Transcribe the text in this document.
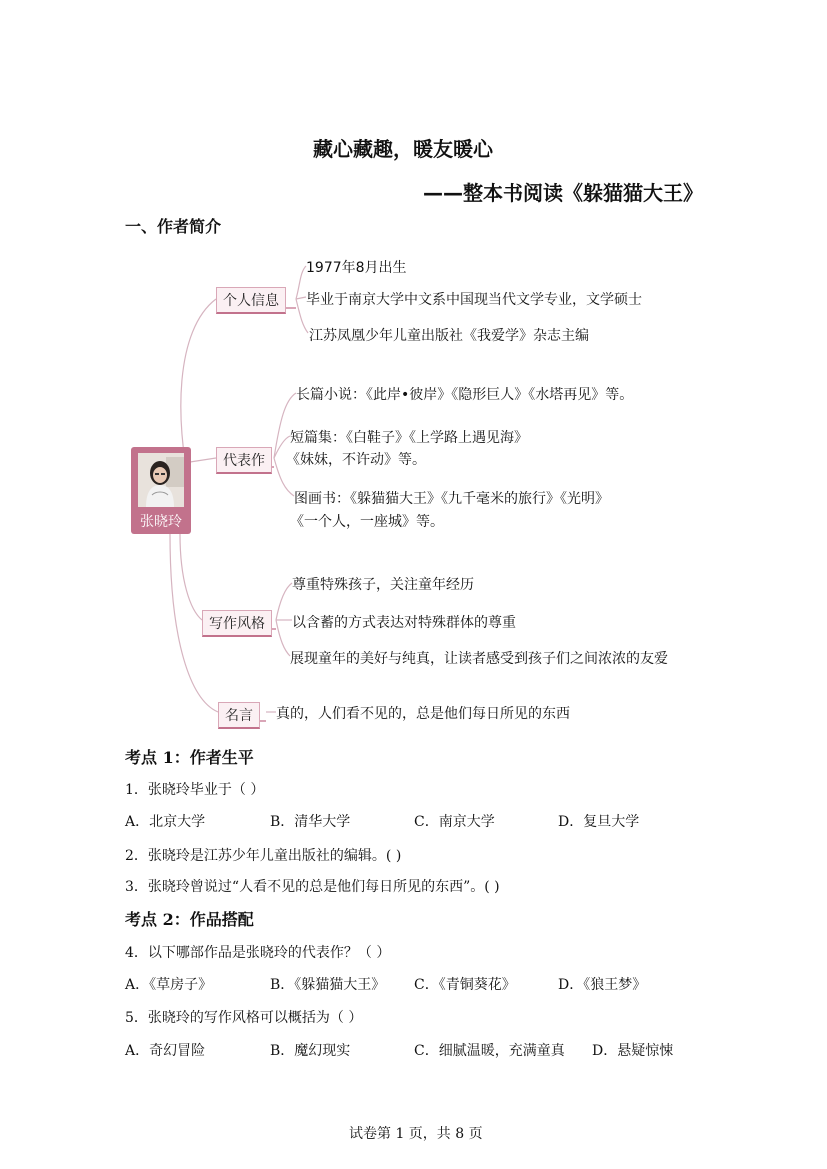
藏心藏趣，暖友暖心
——整本书阅读《躲猫猫大王》
一、作者简介
个人信息
代表作
写作风格
名言
张晓玲
1977年8月出生
毕业于南京大学中文系中国现当代文学专业，文学硕士
江苏凤凰少年儿童出版社《我爱学》杂志主编
长篇小说：《此岸•彼岸》《隐形巨人》《水塔再见》等。
短篇集：《白鞋子》《上学路上遇见海》
《妹妹，不许动》等。
图画书：《躲猫猫大王》《九千毫米的旅行》《光明》
《一个人，一座城》等。
尊重特殊孩子，关注童年经历
以含蓄的方式表达对特殊群体的尊重
展现童年的美好与纯真，让读者感受到孩子们之间浓浓的友爱
真的，人们看不见的，总是他们每日所见的东西
考点 1：作者生平
1．张晓玲毕业于（ ）
A．北京大学	B．清华大学	C．南京大学	D．复旦大学
2．张晓玲是江苏少年儿童出版社的编辑。( )
3．张晓玲曾说过“人看不见的总是他们每日所见的东西”。( )
考点 2：作品搭配
4．以下哪部作品是张晓玲的代表作？（ ）
A．《草房子》	B．《躲猫猫大王》 C．《青铜葵花》	D．《狼王梦》
5．张晓玲的写作风格可以概括为（ ）
A．奇幻冒险	B．魔幻现实	C．细腻温暖，充满童真 D．悬疑惊悚
试卷第 1 页，共 8 页
